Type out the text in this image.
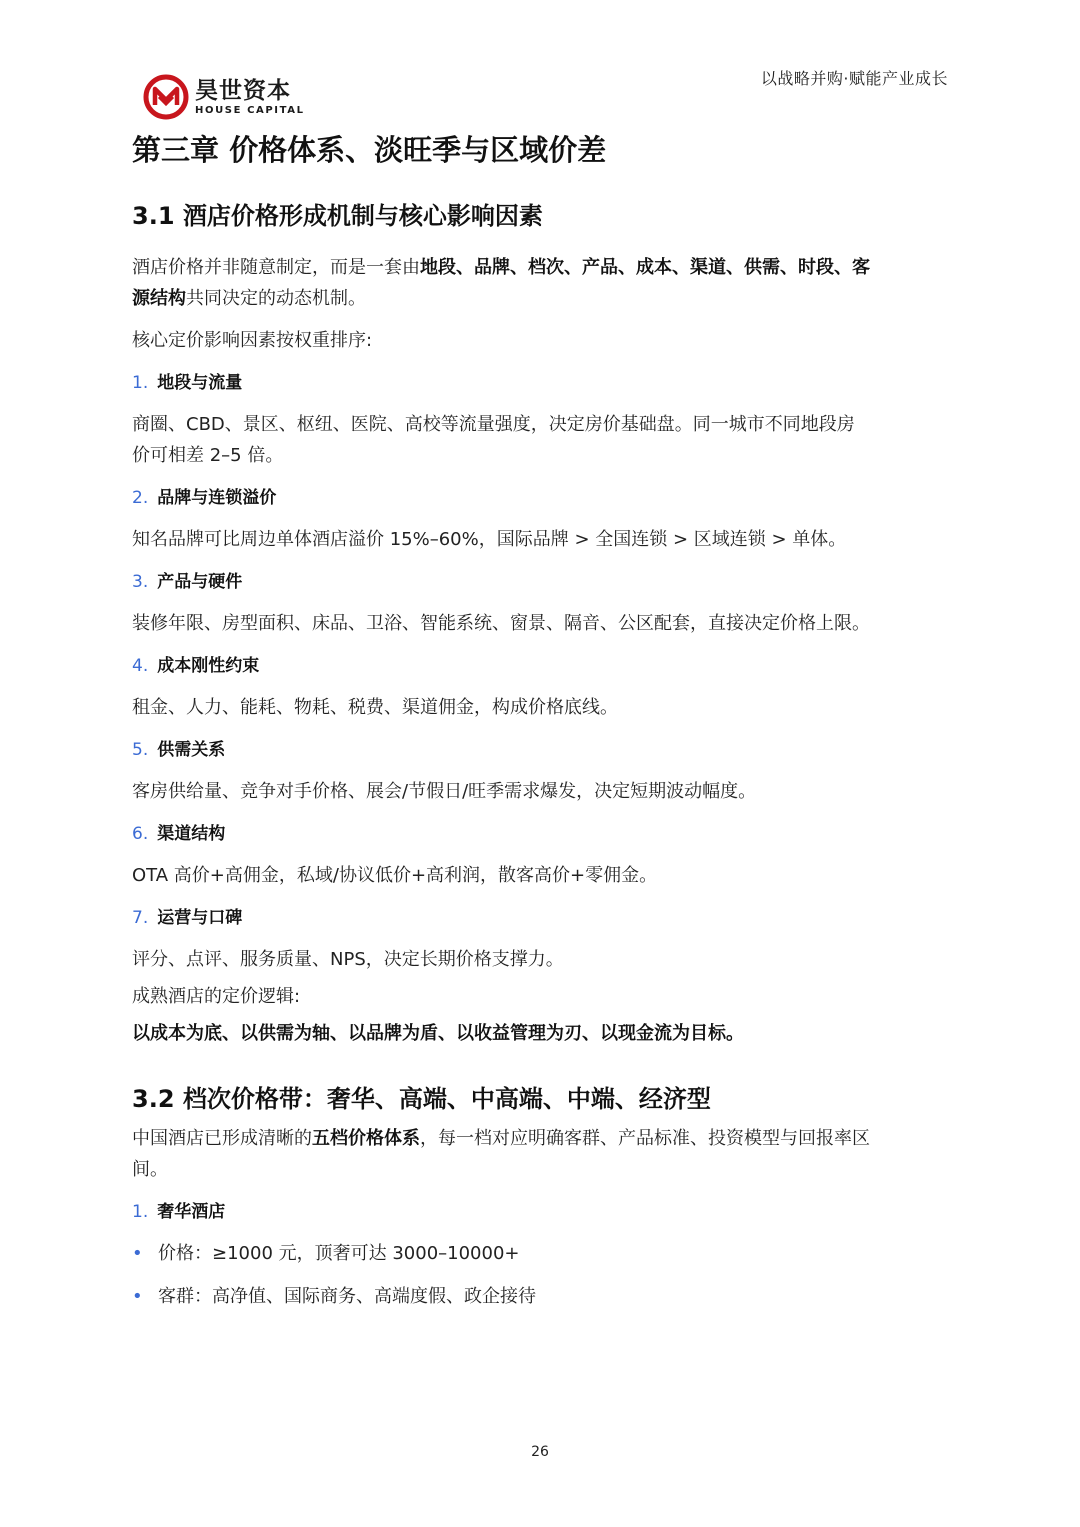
昊世资本
HOUSE CAPITAL
以战略并购·赋能产业成长
第三章 价格体系、淡旺季与区域价差
3.1 酒店价格形成机制与核心影响因素

酒店价格并非随意制定，而是一套由地段、品牌、档次、产品、成本、渠道、供需、时段、客
源结构共同决定的动态机制。

核心定价影响因素按权重排序:

1. 地段与流量

商圈、CBD、景区、枢纽、医院、高校等流量强度，决定房价基础盘。同一城市不同地段房
价可相差 2–5 倍。

2. 品牌与连锁溢价

知名品牌可比周边单体酒店溢价 15%–60%，国际品牌 > 全国连锁 > 区域连锁 > 单体。

3. 产品与硬件

装修年限、房型面积、床品、卫浴、智能系统、窗景、隔音、公区配套，直接决定价格上限。

4. 成本刚性约束

租金、人力、能耗、物耗、税费、渠道佣金，构成价格底线。

5. 供需关系

客房供给量、竞争对手价格、展会/节假日/旺季需求爆发，决定短期波动幅度。

6. 渠道结构

OTA 高价+高佣金，私域/协议低价+高利润，散客高价+零佣金。

7. 运营与口碑

评分、点评、服务质量、NPS，决定长期价格支撑力。

成熟酒店的定价逻辑:

以成本为底、以供需为轴、以品牌为盾、以收益管理为刃、以现金流为目标。

3.2 档次价格带：奢华、高端、中高端、中端、经济型

中国酒店已形成清晰的五档价格体系，每一档对应明确客群、产品标准、投资模型与回报率区
间。

1. 奢华酒店
• 价格：≥1000 元，顶奢可达 3000–10000+
• 客群：高净值、国际商务、高端度假、政企接待
26
